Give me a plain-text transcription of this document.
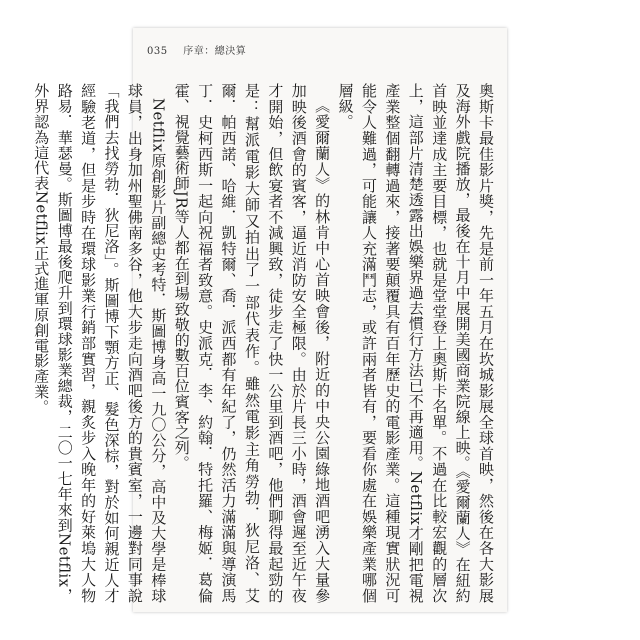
035 序章：總決算

奧斯卡最佳影片獎，先是前一年五月在坎城影展全球首映，然後在各大影展及海外戲院播放，最後在十月中展開美國商業院線上映。《愛爾蘭人》在紐約首映並達成主要目標，也就是堂堂登上奧斯卡名單。不過在比較宏觀的層次上，這部片清楚透露出娛樂界過去慣行方法已不再適用。Netflix才剛把電視產業整個翻轉過來，接著要顛覆具有百年歷史的電影產業。這種現實狀況可能令人難過，可能讓人充滿鬥志，或許兩者皆有，要看你處在娛樂產業哪個層級。

《愛爾蘭人》的林肯中心首映會後，附近的中央公園綠地酒吧湧入大量參加映後酒會的賓客，逼近消防安全極限。由於片長三小時，酒會遲至近午夜才開始，但飲宴者不減興致，徒步走了快一公里到酒吧，他們聊得最起勁的是：幫派電影大師又拍出了一部代表作。雖然電影主角勞勃．狄尼洛、艾爾．帕西諾、哈維．凱特爾、喬．派西都有年紀了，仍然活力滿滿與導演馬丁．史柯西斯一起向祝福者致意。史派克．李、約翰．特托羅、梅姬．葛倫霍、視覺藝術師JR等人都在到場致敬的數百位賓客之列。

Netflix原創影片副總史考特．斯圖博身高一九〇公分，高中及大學是棒球球員，出身加州聖佛南多谷，他大步走向酒吧後方的貴賓室，一邊對同事說「我們去找勞勃．狄尼洛」。斯圖博下顎方正、髮色深棕，對於如何親近人才經驗老道，但是步時在環球影業行銷部實習，親炙步入晚年的好萊塢大人物路易．華瑟曼。斯圖博最後爬升到環球影業總裁，二〇一七年來到Netflix，外界認為這代表Netflix正式進軍原創電影產業。
